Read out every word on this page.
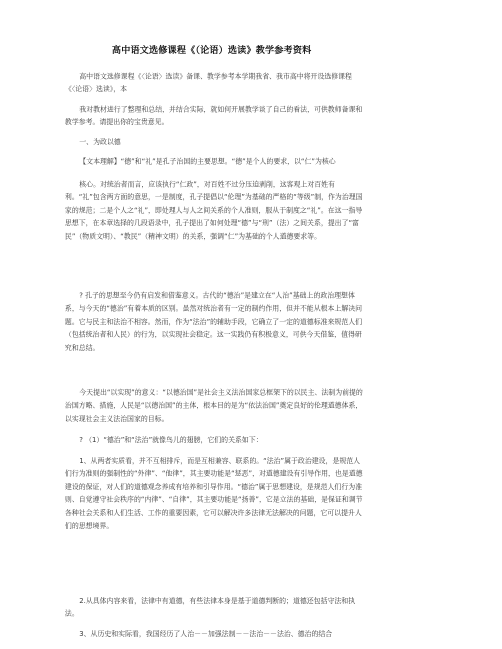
高中语文选修课程《（论语）选读》教学参考资料

高中语文选修课程《〈论语〉选读》备课、教学参考本学期我省、我市高中将开设选修课程《〈论语〉选读》，本

我对教材进行了整理和总结，并结合实际，就如何开展教学谈了自己的看法，可供教师备课和教学参考。请提出你的宝贵意见。

一、为政以德

【文本理解】“德”和“礼”是孔子治国的主要思想。“德”是个人的要求，以“仁”为核心

核心。对统治者而言，应该执行“仁政”，对百姓不过分压迫剥削，这客观上对百姓有利。“礼”包含两方面的意思，一是制度，孔子提倡以“伦理”为基础的严格的“等级”制，作为治理国家的规范；二是个人之“礼”，即处理人与人之间关系的个人准则，服从于制度之“礼”。在这一指导思想下，在本章选择的几段语录中，孔子提出了如何处理“德”与“刑”（法）之间关系，提出了“富民”（物质文明）、“教民”（精神文明）的关系，强调“仁”为基础的个人道德要求等。

? 孔子的思想至今仍有启发和借鉴意义。古代的“德治”是建立在“人治”基础上的政治理想体系，与今天的“德治”有着本质的区别。虽然对统治者有一定的制约作用，但并不能从根本上解决问题。它与民主和法治不相容。然而，作为“法治”的辅助手段，它确立了一定的道德标准来规范人们（包括统治者和人民）的行为，以实现社会稳定。这一实践仍有积极意义，可供今天借鉴，值得研究和总结。

今天提出“以实现”的意义：“以德治国”是社会主义法治国家总框架下的以民主、法制为前提的治国方略、措施，人民是“以德治国”的主体，根本目的是为“依法治国”奠定良好的伦理道德体系，以实现社会主义法治国家的目标。

? （1）“德治”和“法治”就像鸟儿的翅膀，它们的关系如下：

1、从两者实质看，并不互相排斥，而是互相兼容、联系的。“法治”属于政治建设，是规范人们行为准则的强制性的“外律”、“他律”，其主要功能是“惩恶”，对道德建设有引导作用，也是道德建设的保证，对人们的道德观念养成有培养和引导作用。“德治”属于思想建设，是规范人们行为准则、自觉遵守社会秩序的“内律”、“自律”，其主要功能是“扬善”，它是立法的基础，是保证和调节各种社会关系和人们生活、工作的重要因素，它可以解决许多法律无法解决的问题，它可以提升人们的思想境界。

2.从具体内容来看，法律中有道德，有些法律本身是基于道德判断的；道德还包括守法和执法。

3、从历史和实际看，我国经历了人治－－加强法制－－法治－－法治、德治的结合
